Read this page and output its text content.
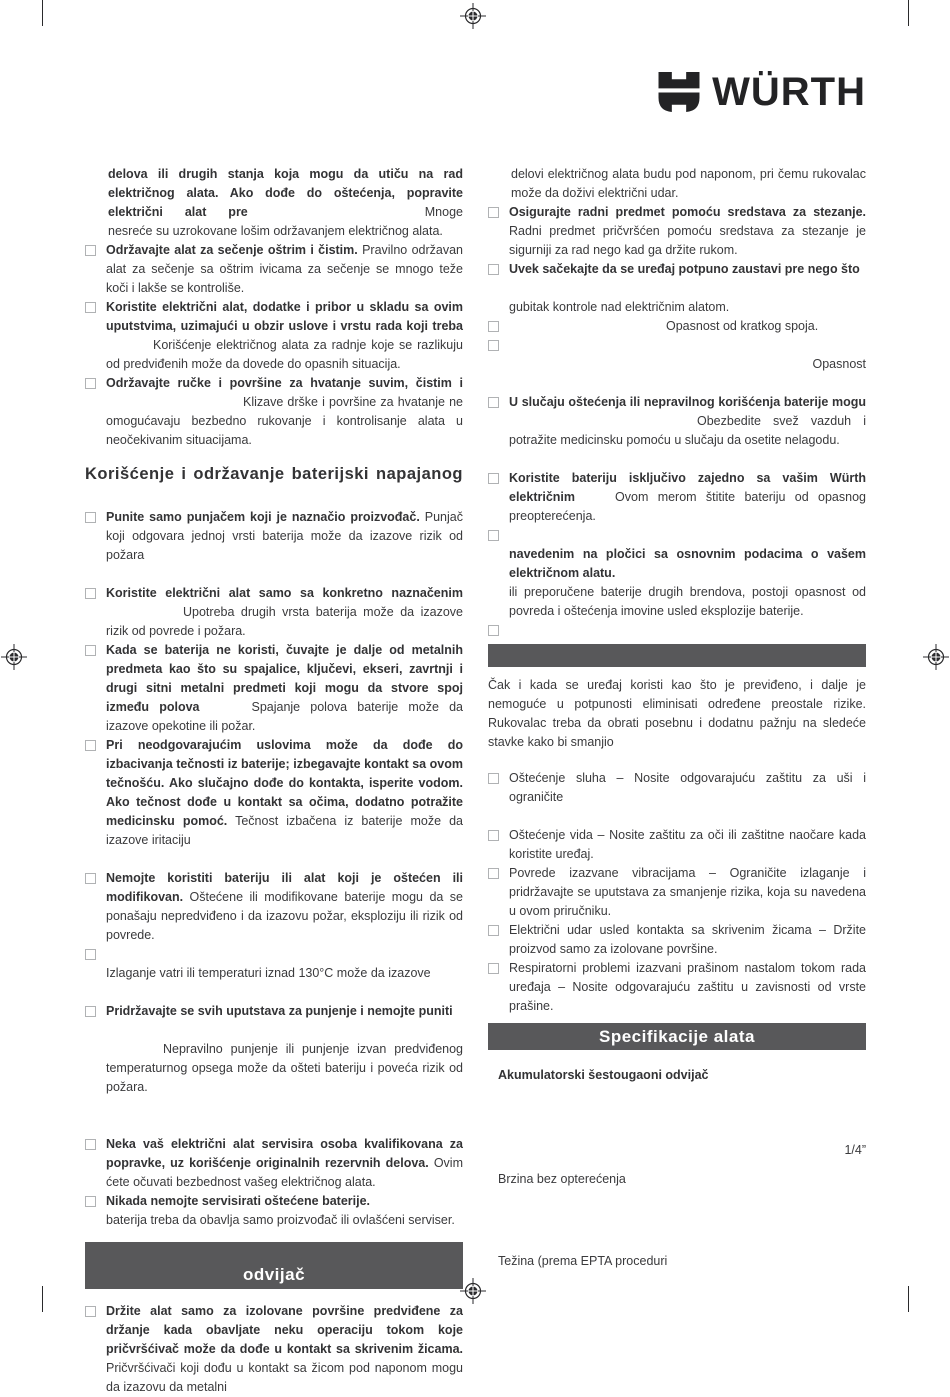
WÜRTH
delova ili drugih stanja koja mogu da utiču na rad električnog alata. Ako dođe do oštećenja, popravite električni alat pre	Mnoge nesreće su uzrokovane lošim održavanjem električnog alata.
Održavajte alat za sečenje oštrim i čistim. Pravilno održavan alat za sečenje sa oštrim ivicama za sečenje se mnogo teže koči i lakše se kontroliše.
Koristite električni alat, dodatke i pribor u skladu sa ovim uputstvima, uzimajući u obzir uslove i vrstu rada koji trebaKorišćenje električnog alata za radnje koje se razlikuju od predviđenih može da dovede do opasnih situacija.
Održavajte ručke i površine za hvatanje suvim, čistim iKlizave drške i površine za hvatanje ne omogućavaju bezbedno rukovanje i kontrolisanje alata u neočekivanim situacijama.
Korišćenje i održavanje baterijski napajanog
Punite samo punjačem koji je naznačio proizvođač. Punjač koji odgovara jednoj vrsti baterija može da izazove rizik od požara
Koristite električni alat samo sa konkretno naznačenimUpotreba drugih vrsta baterija može da izazove rizik od povrede i požara.
Kada se baterija ne koristi, čuvajte je dalje od metalnih predmeta kao što su spajalice, ključevi, ekseri, zavrtnji i drugi sitni metalni predmeti koji mogu da stvore spoj između polova	Spajanje polova baterije može da izazove opekotine ili požar.
Pri neodgovarajućim uslovima može da dođe do izbacivanja tečnosti iz baterije; izbegavajte kontakt sa ovom tečnošću. Ako slučajno dođe do kontakta, isperite vodom. Ako tečnost dođe u kontakt sa očima, dodatno potražite medicinsku pomoć. Tečnost izbačena iz baterije može da izazove iritaciju
Nemojte koristiti bateriju ili alat koji je oštećen ili modifikovan. Oštećene ili modifikovane baterije mogu da se ponašaju nepredviđeno i da izazovu požar, eksploziju ili rizik od povrede.
Izlaganje vatri ili temperaturi iznad 130°C može da izazove
Pridržavajte se svih uputstava za punjenje i nemojte puniti
Nepravilno punjenje ili punjenje izvan predviđenog temperaturnog opsega može da ošteti bateriju i poveća rizik od požara.
Neka vaš električni alat servisira osoba kvalifikovana za popravke, uz korišćenje originalnih rezervnih delova. Ovim ćete očuvati bezbednost vašeg električnog alata.
Nikada nemojte servisirati oštećene baterije.
baterija treba da obavlja samo proizvođač ili ovlašćeni serviser.
odvijač
Držite alat samo za izolovane površine predviđene za držanje kada obavljate neku operaciju tokom koje pričvršćivač može da dođe u kontakt sa skrivenim žicama. Pričvršćivači koji dođu u kontakt sa žicom pod naponom mogu da izazovu da metalni
delovi električnog alata budu pod naponom, pri čemu rukovalac može da doživi električni udar.
Osigurajte radni predmet pomoću sredstava za stezanje. Radni predmet pričvršćen pomoću sredstava za stezanje je sigurniji za rad nego kad ga držite rukom.
Uvek sačekajte da se uređaj potpuno zaustavi pre nego što
gubitak kontrole nad električnim alatom.
Opasnost od kratkog spoja.
Opasnost
U slučaju oštećenja ili nepravilnog korišćenja baterije moguObezbedite svež vazduh i potražite medicinsku pomoću u slučaju da osetite nelagodu.
Koristite bateriju isključivo zajedno sa vašim Würth električnim	Ovom merom štitite bateriju od opasnog preopterećenja.
navedenim na pločici sa osnovnim podacima o vašem električnom alatu.
ili preporučene baterije drugih brendova, postoji opasnost od povreda i oštećenja imovine usled eksplozije baterije.
Čak i kada se uređaj koristi kao što je previđeno, i dalje je nemoguće u potpunosti eliminisati određene preostale rizike. Rukovalac treba da obrati posebnu i dodatnu pažnju na sledeće stavke kako bi smanjio
Oštećenje sluha – Nosite odgovarajuću zaštitu za uši i ograničite
Oštećenje vida – Nosite zaštitu za oči ili zaštitne naočare kada koristite uređaj.
Povrede izazvane vibracijama – Ograničite izlaganje i pridržavajte se uputstava za smanjenje rizika, koja su navedena u ovom priručniku.
Električni udar usled kontakta sa skrivenim žicama – Držite proizvod samo za izolovane površine.
Respiratorni problemi izazvani prašinom nastalom tokom rada uređaja – Nosite odgovarajuću zaštitu u zavisnosti od vrste prašine.
Specifikacije alata
Akumulatorski šestougaoni odvijač
1/4”
Brzina bez opterećenja
Težina (prema EPTA proceduri
